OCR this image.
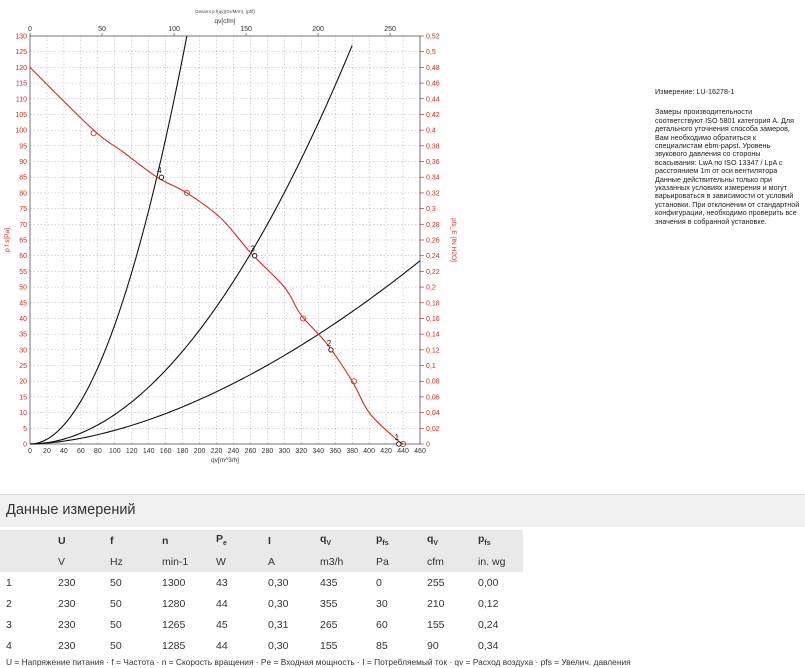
0 20 40 60 80 100 120 140 160 180 200 220 240 260 280 300 320 340 360 380 400 420 440 460
0
5
10
15
20
25
30
35
40
45
50
55
60
65
70
75
80
85
90
95
100
105
110
115
120
125
130
0
0,02
0,04
0,06
0,08
0,1
0,12
0,14
0,16
0,18
0,2
0,22
0,24
0,26
0,28
0,3
0,32
0,34
0,36
0,38
0,4
0,42
0,44
0,46
0,48
0,5
0,52
0	50	100	150	200	250
Gesamt p f(qv)(Gr/Mrm), (pf/f)
qv[cfm]
qv[m^3/h]
p f s[Pa]	pfs_E [IN H2O]
1
2
3
4
Измерение: LU-16278-1
Замеры производительности соответствуют ISO 5801 категория A. Для детального уточнения способа замеров, Вам необходимо обратиться к специалистам ebm-papst. Уровень звукового давления со стороны всасывания: LwA по ISO 13347 / LpA с расстоянием 1m от оси вентилятора Данные действительны только при указанных условиях измерения и могут варьироваться в зависимости от условий установки. При отклонении от стандартной конфигурации, необходимо проверить все значения в собранной установке.
Данные измерений
	U	f	n	$P_e$	I	$q_V$	$p_{fs}$	$q_V$	$p_{fs}$
	V	Hz	min-1	W	A	m3/h	Pa	cfm	in. wg
1	230	50	1300	43	0,30	435	0	255	0,00
2	230	50	1280	44	0,30	355	30	210	0,12
3	230	50	1265	45	0,31	265	60	155	0,24
4	230	50	1285	44	0,30	155	85	90	0,34
U = Напряжение питания · f = Частота · n = Скорость вращения · Pe = Входная мощность · I = Потребляемый ток · qv = Расход воздуха · pfs = Увелич. давления
